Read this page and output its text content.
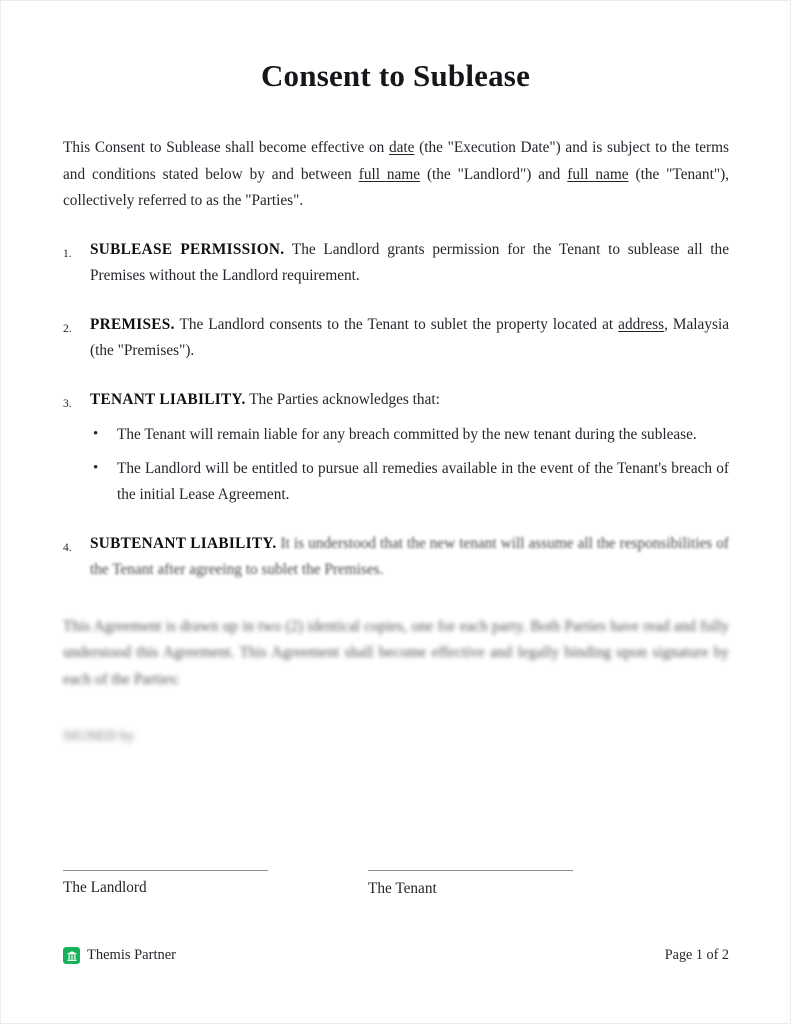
Consent to Sublease

This Consent to Sublease shall become effective on date (the "Execution Date") and is subject to the terms and conditions stated below by and between full name (the "Landlord") and full name (the "Tenant"), collectively referred to as the "Parties".

SUBLEASE PERMISSION. The Landlord grants permission for the Tenant to sublease all the Premises without the Landlord requirement.
PREMISES. The Landlord consents to the Tenant to sublet the property located at address, Malaysia (the "Premises").
TENANT LIABILITY. The Parties acknowledges that:
• The Tenant will remain liable for any breach committed by the new tenant during the sublease.
• The Landlord will be entitled to pursue all remedies available in the event of the Tenant's breach of the initial Lease Agreement.
SUBTENANT LIABILITY. It is understood that the new tenant will assume all the responsibilities of the Tenant after agreeing to sublet the Premises.

This Agreement is drawn up in two (2) identical copies, one for each party. Both Parties have read and fully understood this Agreement. This Agreement shall become effective and legally binding upon signature by each of the Parties:

SIGNED by

The Landlord	The Tenant
Themis Partner	Page 1 of 2
